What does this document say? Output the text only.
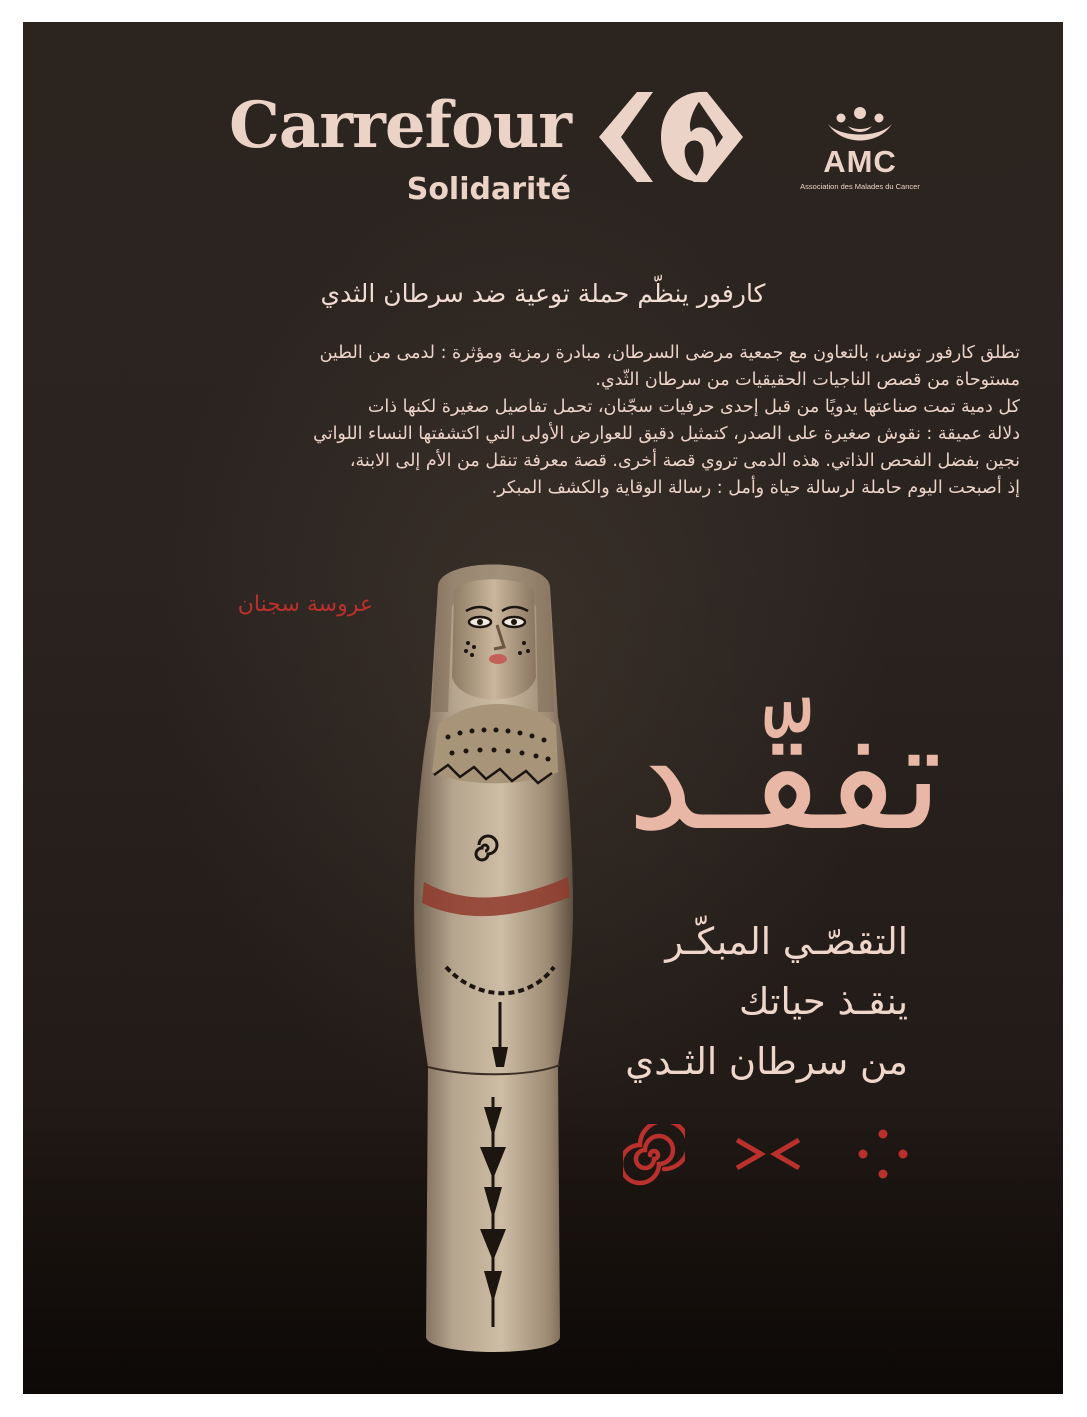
Carrefour
Solidarité
AMC
Association des Malades du Cancer
كارفور ينظّم حملة توعية ضد سرطان الثدي

تطلق كارفور تونس، بالتعاون مع جمعية مرضى السرطان، مبادرة رمزية ومؤثرة : لدمى من الطين

مستوحاة من قصص الناجيات الحقيقيات من سرطان الثّدي.

كل دمية تمت صناعتها يدويًا من قبل إحدى حرفيات سجّنان، تحمل تفاصيل صغيرة لكنها ذات

دلالة عميقة : نقوش صغيرة على الصدر، كتمثيل دقيق للعوارض الأولى التي اكتشفتها النساء اللواتي

نجين بفضل الفحص الذاتي. هذه الدمى تروي قصة أخرى. قصة معرفة تنقل من الأم إلى الابنة،

إذ أصبحت اليوم حاملة لرسالة حياة وأمل : رسالة الوقاية والكشف المبكر.

تفقّـد
عروسة سجنان
التقصّـي المبكّـر
ينقـذ حياتك
من سرطان الثـدي
